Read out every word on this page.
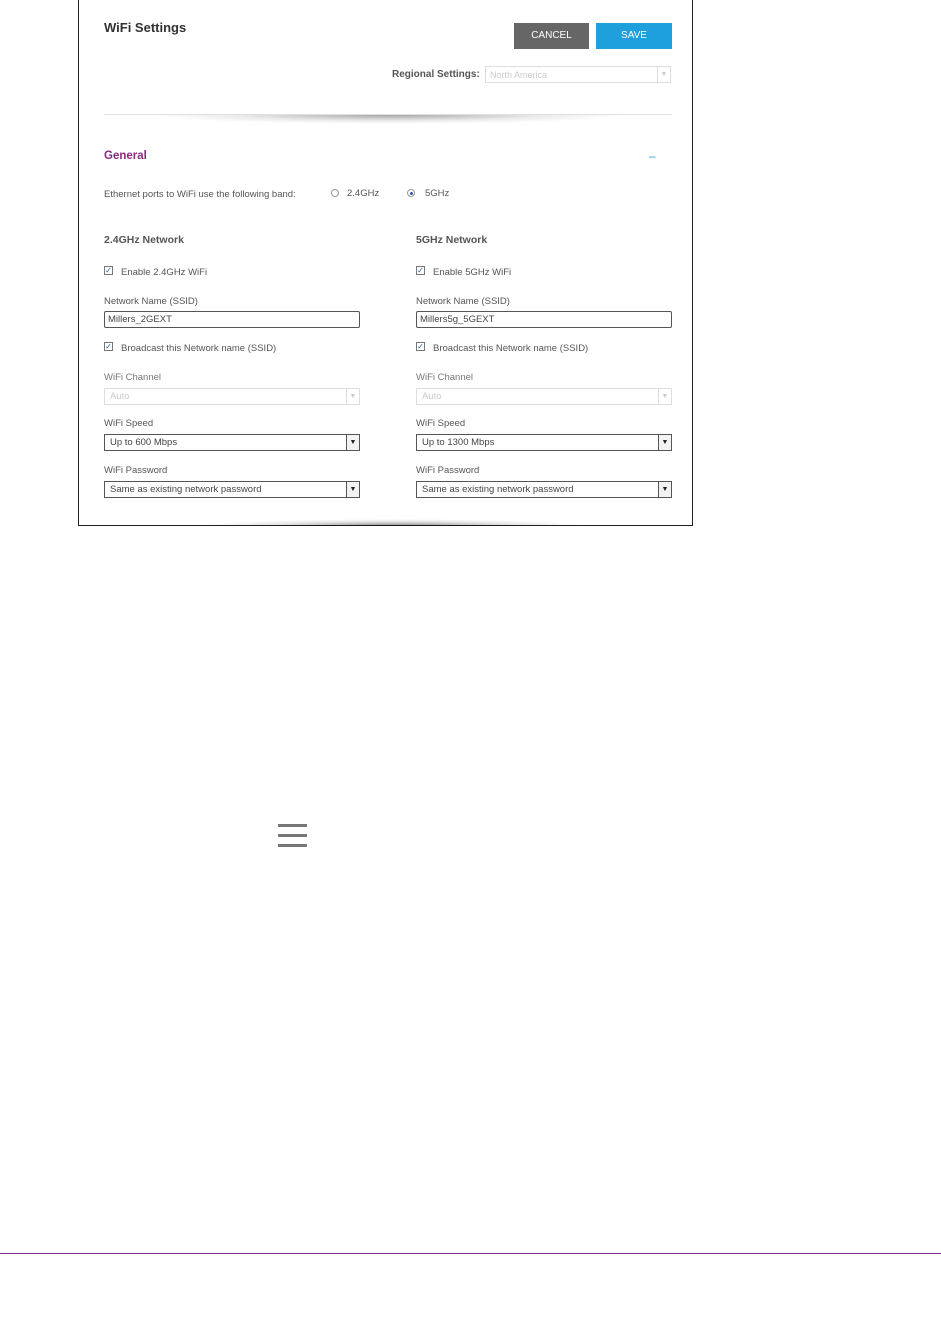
WiFi Settings
CANCEL	SAVE
Regional Settings:	North America	▼
General	–
Ethernet ports to WiFi use the following band:	2.4GHz	5GHz
2.4GHz Network
✓ Enable 2.4GHz WiFi
Network Name (SSID)
Millers_2GEXT
✓ Broadcast this Network name (SSID)
WiFi Channel
Auto	▼
WiFi Speed
Up to 600 Mbps	▼
WiFi Password
Same as existing network password	▼
5GHz Network
✓ Enable 5GHz WiFi
Network Name (SSID)
Millers5g_5GEXT
✓ Broadcast this Network name (SSID)
WiFi Channel
Auto	▼
WiFi Speed
Up to 1300 Mbps	▼
WiFi Password
Same as existing network password	▼
